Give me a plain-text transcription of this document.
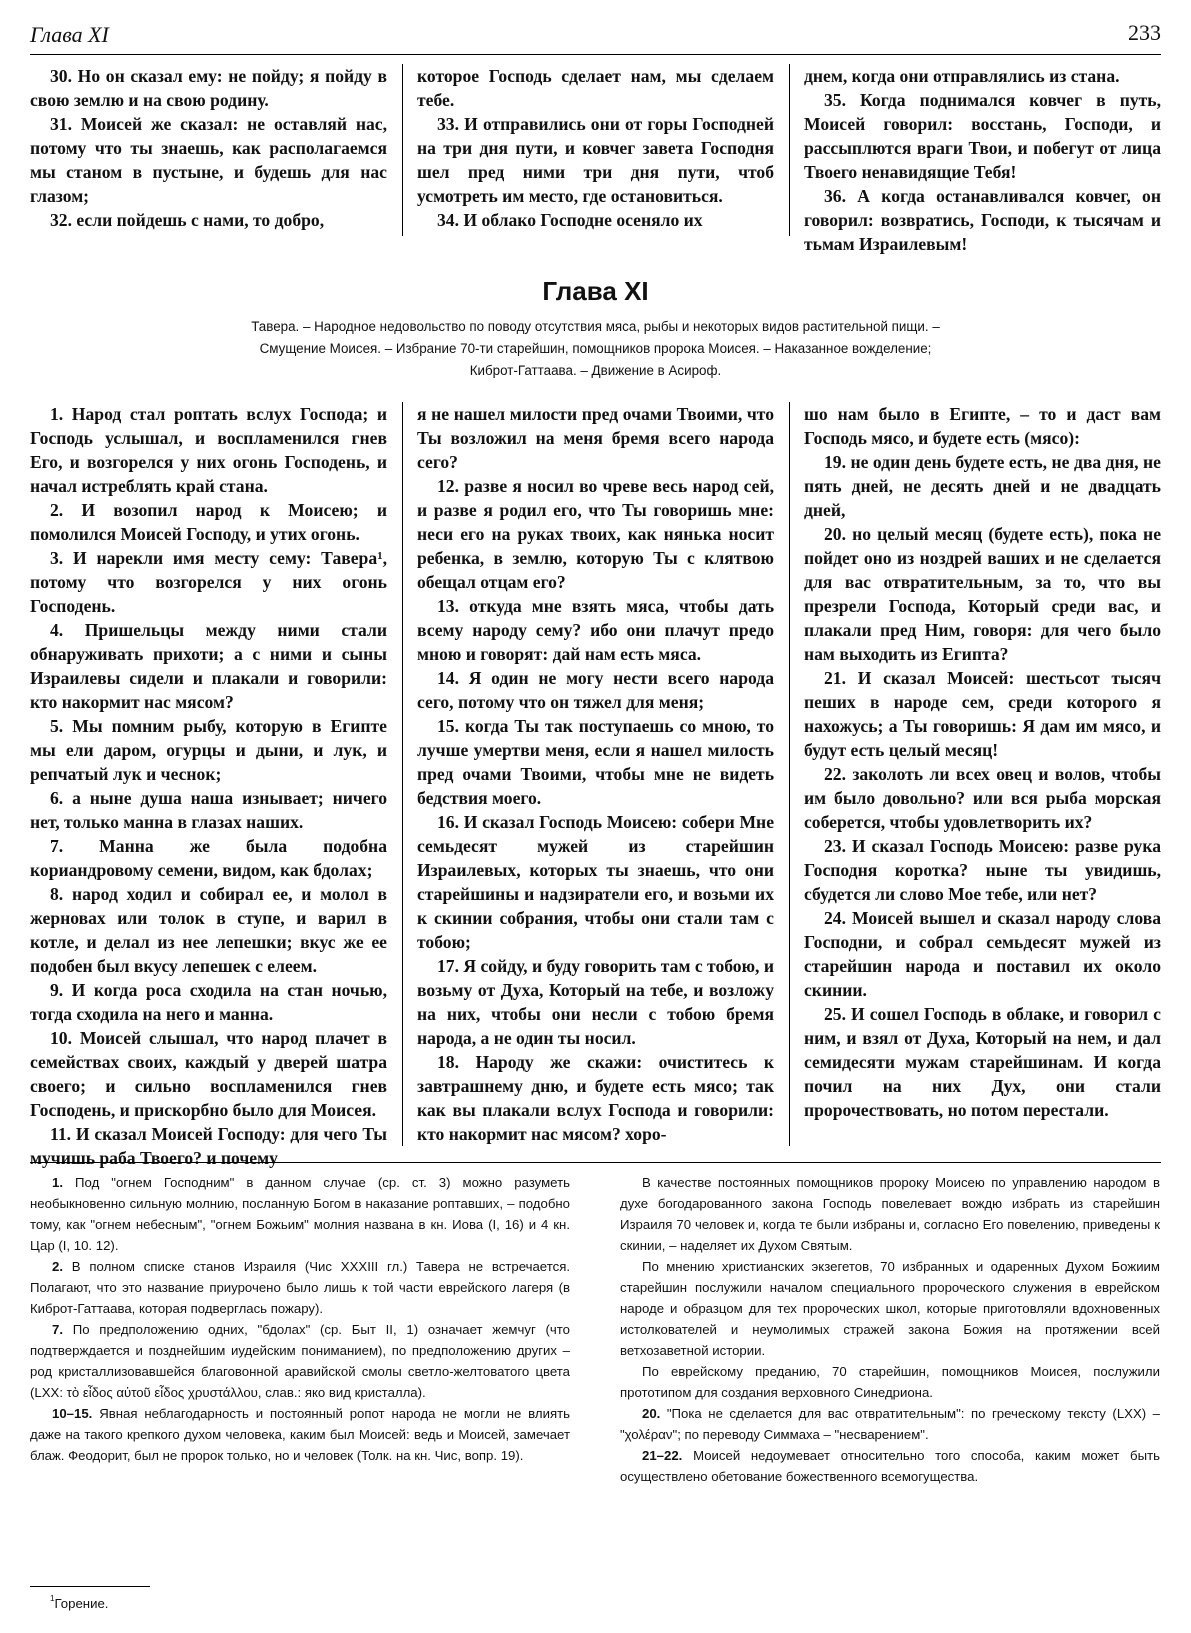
Глава XI	233

30. Но он сказал ему: не пойду; я пойду в свою землю и на свою родину.

31. Моисей же сказал: не оставляй нас, потому что ты знаешь, как располагаемся мы станом в пустыне, и будешь для нас глазом;

32. если пойдешь с нами, то добро,

которое Господь сделает нам, мы сделаем тебе.

33. И отправились они от горы Господней на три дня пути, и ковчег завета Господня шел пред ними три дня пути, чтоб усмотреть им место, где остановиться.

34. И облако Господне осеняло их

днем, когда они отправлялись из стана.

35. Когда поднимался ковчег в путь, Моисей говорил: восстань, Господи, и рассыплются враги Твои, и побегут от лица Твоего ненавидящие Тебя!

36. А когда останавливался ковчег, он говорил: возвратись, Господи, к тысячам и тьмам Израилевым!

Глава XI
Тавера. – Народное недовольство по поводу отсутствия мяса, рыбы и некоторых видов растительной пищи. –
Смущение Моисея. – Избрание 70-ти старейшин, помощников пророка Моисея. – Наказанное вожделение;
Киброт-Гаттаава. – Движение в Асироф.

1. Народ стал роптать вслух Господа; и Господь услышал, и воспламенился гнев Его, и возгорелся у них огонь Господень, и начал истреблять край стана.

2. И возопил народ к Моисею; и помолился Моисей Господу, и утих огонь.

3. И нарекли имя месту сему: Тавера$^1$, потому что возгорелся у них огонь Господень.

4. Пришельцы между ними стали обнаруживать прихоти; а с ними и сыны Израилевы сидели и плакали и говорили: кто накормит нас мясом?

5. Мы помним рыбу, которую в Египте мы ели даром, огурцы и дыни, и лук, и репчатый лук и чеснок;

6. а ныне душа наша изнывает; ничего нет, только манна в глазах наших.

7. Манна же была подобна кориандровому семени, видом, как бдолах;

8. народ ходил и собирал ее, и молол в жерновах или толок в ступе, и варил в котле, и делал из нее лепешки; вкус же ее подобен был вкусу лепешек с елеем.

9. И когда роса сходила на стан ночью, тогда сходила на него и манна.

10. Моисей слышал, что народ плачет в семействах своих, каждый у дверей шатра своего; и сильно воспламенился гнев Господень, и прискорбно было для Моисея.

11. И сказал Моисей Господу: для чего Ты мучишь раба Твоего? и почему

я не нашел милости пред очами Твоими, что Ты возложил на меня бремя всего народа сего?

12. разве я носил во чреве весь народ сей, и разве я родил его, что Ты говоришь мне: неси его на руках твоих, как нянька носит ребенка, в землю, которую Ты с клятвою обещал отцам его?

13. откуда мне взять мяса, чтобы дать всему народу сему? ибо они плачут предо мною и говорят: дай нам есть мяса.

14. Я один не могу нести всего народа сего, потому что он тяжел для меня;

15. когда Ты так поступаешь со мною, то лучше умертви меня, если я нашел милость пред очами Твоими, чтобы мне не видеть бедствия моего.

16. И сказал Господь Моисею: собери Мне семьдесят мужей из старейшин Израилевых, которых ты знаешь, что они старейшины и надзиратели его, и возьми их к скинии собрания, чтобы они стали там с тобою;

17. Я сойду, и буду говорить там с тобою, и возьму от Духа, Который на тебе, и возложу на них, чтобы они несли с тобою бремя народа, а не один ты носил.

18. Народу же скажи: очиститесь к завтрашнему дню, и будете есть мясо; так как вы плакали вслух Господа и говорили: кто накормит нас мясом? хоро-

шо нам было в Египте, – то и даст вам Господь мясо, и будете есть (мясо):

19. не один день будете есть, не два дня, не пять дней, не десять дней и не двадцать дней,

20. но целый месяц (будете есть), пока не пойдет оно из ноздрей ваших и не сделается для вас отвратительным, за то, что вы презрели Господа, Который среди вас, и плакали пред Ним, говоря: для чего было нам выходить из Египта?

21. И сказал Моисей: шестьсот тысяч пеших в народе сем, среди которого я нахожусь; а Ты говоришь: Я дам им мясо, и будут есть целый месяц!

22. заколоть ли всех овец и волов, чтобы им было довольно? или вся рыба морская соберется, чтобы удовлетворить их?

23. И сказал Господь Моисею: разве рука Господня коротка? ныне ты увидишь, сбудется ли слово Мое тебе, или нет?

24. Моисей вышел и сказал народу слова Господни, и собрал семьдесят мужей из старейшин народа и поставил их около скинии.

25. И сошел Господь в облаке, и говорил с ним, и взял от Духа, Который на нем, и дал семидесяти мужам старейшинам. И когда почил на них Дух, они стали пророчествовать, но потом перестали.

1. Под "огнем Господним" в данном случае (ср. ст. 3) можно разуметь необыкновенно сильную молнию, посланную Богом в наказание роптавших, – подобно тому, как "огнем небесным", "огнем Божьим" молния названа в кн. Иова (I, 16) и 4 кн. Цар (I, 10. 12).

2. В полном списке станов Израиля (Чис XXXIII гл.) Тавера не встречается. Полагают, что это название приурочено было лишь к той части еврейского лагеря (в Киброт-Гаттаава, которая подверглась пожару).

7. По предположению одних, "бдолах" (ср. Быт II, 1) означает жемчуг (что подтверждается и позднейшим иудейским пониманием), по предположению других – род кристаллизовавшейся благовонной аравийской смолы светло-желтоватого цвета (LXX: τὸ εἶδος αὐτοῦ εἶδος χρυστάλλου, слав.: яко вид кристалла).

10–15. Явная неблагодарность и постоянный ропот народа не могли не влиять даже на такого крепкого духом человека, каким был Моисей: ведь и Моисей, замечает блаж. Феодорит, был не пророк только, но и человек (Толк. на кн. Чис, вопр. 19).

В качестве постоянных помощников пророку Моисею по управлению народом в духе богодарованного закона Господь повелевает вождю избрать из старейшин Израиля 70 человек и, когда те были избраны и, согласно Его повелению, приведены к скинии, – наделяет их Духом Святым.

По мнению христианских экзегетов, 70 избранных и одаренных Духом Божиим старейшин послужили началом специального пророческого служения в еврейском народе и образцом для тех пророческих школ, которые приготовляли вдохновенных истолкователей и неумолимых стражей закона Божия на протяжении всей ветхозаветной истории.

По еврейскому преданию, 70 старейшин, помощников Моисея, послужили прототипом для создания верховного Синедриона.

20. "Пока не сделается для вас отвратительным": по греческому тексту (LXX) – "χολέραν"; по переводу Симмаха – "несварением".

21–22. Моисей недоумевает относительно того способа, каким может быть осуществлено обетование божественного всемогущества.

$^1$Горение.
